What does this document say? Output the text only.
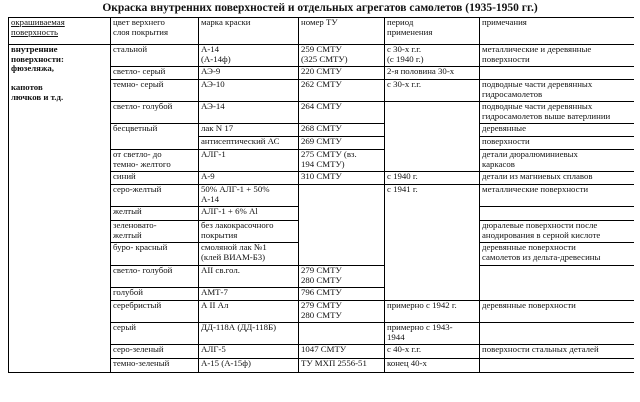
Окраска внутренних поверхностей и отдельных агрегатов самолетов (1935-1950 гг.)
окрашиваемая
поверхность	цвет верхнего
слоя покрытия	марка краски	номер ТУ	период
применения	примечания
внутренние
поверхности:
фюзеляжа,

капотов
лючков и т.д.	стальной	А-14
(А-14ф)	259 СМТУ
(325 СМТУ)	с 30-х г.г.
(с 1940 г.)	металлические и деревянные
поверхности
	светло- серый	АЭ-9	220 СМТУ	2-я половина 30-х	
	темно- серый	АЭ-10	262 СМТУ	с 30-х г.г.	подводные части деревянных
гидросамолетов
	светло- голубой	АЭ-14	264 СМТУ		подводные части деревянных
гидросамолетов выше ватерлинии
	бесцветный	лак N 17	268 СМТУ		деревянные
		антисептический АС	269 СМТУ		поверхности
	от светло- до
темно- желтого	АЛГ-1	275 СМТУ (вз.
194 СМТУ)		детали дюралюминиевых
каркасов
	синий	А-9	310 СМТУ	с 1940 г.	детали из магниевых сплавов
	серо-желтый	50% АЛГ-1 + 50%
А-14		с 1941 г.	металлические поверхности
	желтый	АЛГ-1 + 6% Al			
	зеленовато-
желтый	без лакокрасочного
покрытия			дюралевые поверхности после
анодирования в серной кислоте
	буро- красный	смоляной лак №1
(клей ВИАМ-Б3)			деревянные поверхности
самолетов из дельта-древесины
	светло- голубой	АII св.гол.	279 СМТУ
280 СМТУ		
	голубой	АМТ-7	796 СМТУ		
	серебристый	А II Ал	279 СМТУ
280 СМТУ	примерно с 1942 г.	деревянные поверхности
	серый	ДД-118А (ДД-118Б)		примерно с 1943-
1944	
	серо-зеленый	АЛГ-5	1047 СМТУ	с 40-х г.г.	поверхности стальных деталей
	темно-зеленый	А-15 (А-15ф)	ТУ МХП 2556-51	конец 40-х	
